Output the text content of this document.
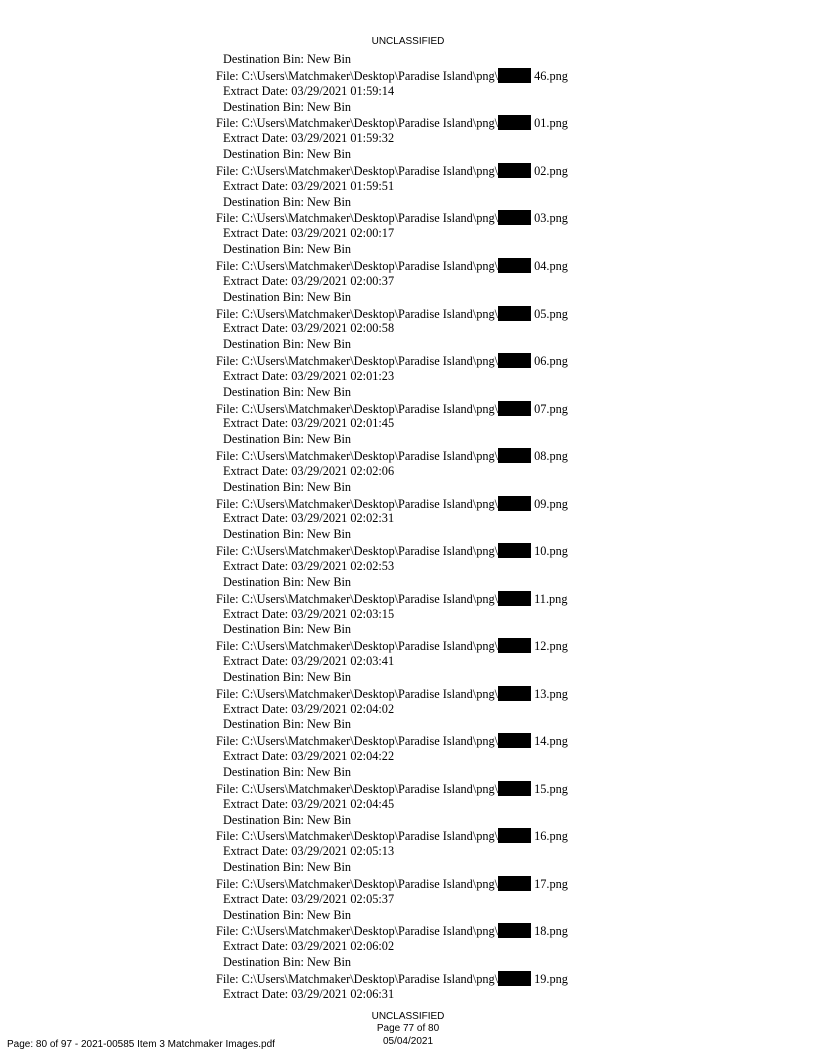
UNCLASSIFIED
Destination Bin: New Bin
File: C:\Users\Matchmaker\Desktop\Paradise Island\png\	46.png
Extract Date: 03/29/2021 01:59:14
Destination Bin: New Bin
File: C:\Users\Matchmaker\Desktop\Paradise Island\png\	01.png
Extract Date: 03/29/2021 01:59:32
Destination Bin: New Bin
File: C:\Users\Matchmaker\Desktop\Paradise Island\png\	02.png
Extract Date: 03/29/2021 01:59:51
Destination Bin: New Bin
File: C:\Users\Matchmaker\Desktop\Paradise Island\png\	03.png
Extract Date: 03/29/2021 02:00:17
Destination Bin: New Bin
File: C:\Users\Matchmaker\Desktop\Paradise Island\png\	04.png
Extract Date: 03/29/2021 02:00:37
Destination Bin: New Bin
File: C:\Users\Matchmaker\Desktop\Paradise Island\png\	05.png
Extract Date: 03/29/2021 02:00:58
Destination Bin: New Bin
File: C:\Users\Matchmaker\Desktop\Paradise Island\png\	06.png
Extract Date: 03/29/2021 02:01:23
Destination Bin: New Bin
File: C:\Users\Matchmaker\Desktop\Paradise Island\png\	07.png
Extract Date: 03/29/2021 02:01:45
Destination Bin: New Bin
File: C:\Users\Matchmaker\Desktop\Paradise Island\png\	08.png
Extract Date: 03/29/2021 02:02:06
Destination Bin: New Bin
File: C:\Users\Matchmaker\Desktop\Paradise Island\png\	09.png
Extract Date: 03/29/2021 02:02:31
Destination Bin: New Bin
File: C:\Users\Matchmaker\Desktop\Paradise Island\png\	10.png
Extract Date: 03/29/2021 02:02:53
Destination Bin: New Bin
File: C:\Users\Matchmaker\Desktop\Paradise Island\png\	11.png
Extract Date: 03/29/2021 02:03:15
Destination Bin: New Bin
File: C:\Users\Matchmaker\Desktop\Paradise Island\png\	12.png
Extract Date: 03/29/2021 02:03:41
Destination Bin: New Bin
File: C:\Users\Matchmaker\Desktop\Paradise Island\png\	13.png
Extract Date: 03/29/2021 02:04:02
Destination Bin: New Bin
File: C:\Users\Matchmaker\Desktop\Paradise Island\png\	14.png
Extract Date: 03/29/2021 02:04:22
Destination Bin: New Bin
File: C:\Users\Matchmaker\Desktop\Paradise Island\png\	15.png
Extract Date: 03/29/2021 02:04:45
Destination Bin: New Bin
File: C:\Users\Matchmaker\Desktop\Paradise Island\png\	16.png
Extract Date: 03/29/2021 02:05:13
Destination Bin: New Bin
File: C:\Users\Matchmaker\Desktop\Paradise Island\png\	17.png
Extract Date: 03/29/2021 02:05:37
Destination Bin: New Bin
File: C:\Users\Matchmaker\Desktop\Paradise Island\png\	18.png
Extract Date: 03/29/2021 02:06:02
Destination Bin: New Bin
File: C:\Users\Matchmaker\Desktop\Paradise Island\png\	19.png
Extract Date: 03/29/2021 02:06:31
UNCLASSIFIED
Page 77 of 80
05/04/2021
Page: 80 of 97 - 2021-00585 Item 3 Matchmaker Images.pdf
